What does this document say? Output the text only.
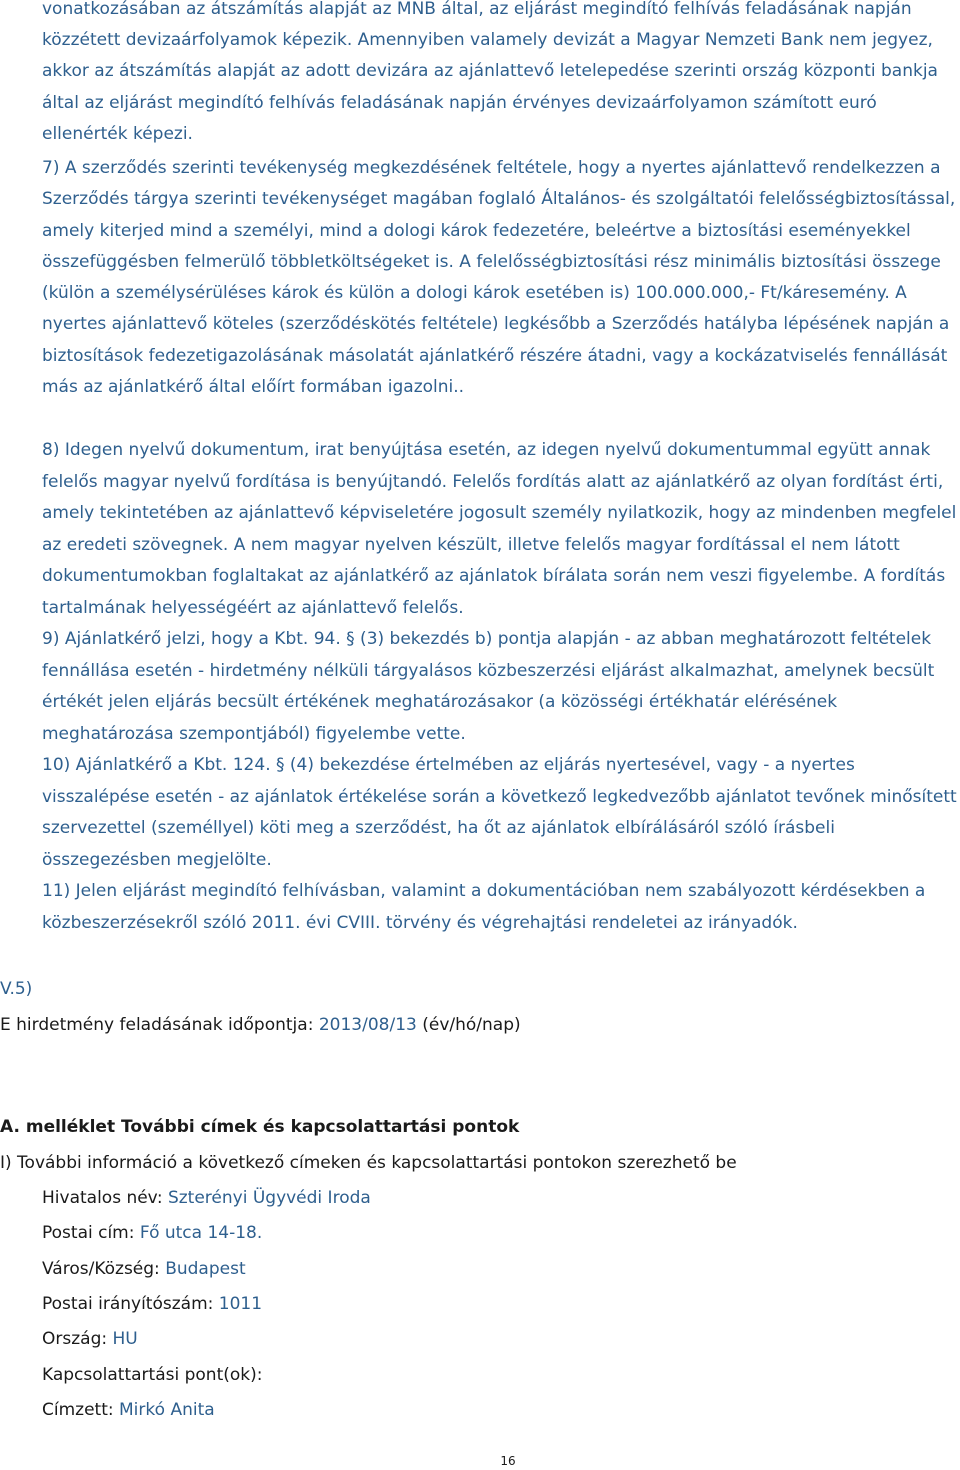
vonatkozásában az átszámítás alapját az MNB által, az eljárást megindító felhívás feladásának napján közzétett devizaárfolyamok képezik. Amennyiben valamely devizát a Magyar Nemzeti Bank nem jegyez, akkor az átszámítás alapját az adott devizára az ajánlattevő letelepedése szerinti ország központi bankja által az eljárást megindító felhívás feladásának napján érvényes devizaárfolyamon számított euró ellenérték képezi.

7) A szerződés szerinti tevékenység megkezdésének feltétele, hogy a nyertes ajánlattevő rendelkezzen a Szerződés tárgya szerinti tevékenységet magában foglaló Általános- és szolgáltatói felelősségbiztosítással, amely kiterjed mind a személyi, mind a dologi károk fedezetére, beleértve a biztosítási eseményekkel összefüggésben felmerülő többletköltségeket is. A felelősségbiztosítási rész minimális biztosítási összege (külön a személysérüléses károk és külön a dologi károk esetében is) 100.000.000,- Ft/káresemény. A nyertes ajánlattevő köteles (szerződéskötés feltétele) legkésőbb a Szerződés hatályba lépésének napján a biztosítások fedezetigazolásának másolatát ajánlatkérő részére átadni, vagy a kockázatviselés fennállását más az ajánlatkérő által előírt formában igazolni..

8) Idegen nyelvű dokumentum, irat benyújtása esetén, az idegen nyelvű dokumentummal együtt annak felelős magyar nyelvű fordítása is benyújtandó. Felelős fordítás alatt az ajánlatkérő az olyan fordítást érti, amely tekintetében az ajánlattevő képviseletére jogosult személy nyilatkozik, hogy az mindenben megfelel az eredeti szövegnek. A nem magyar nyelven készült, illetve felelős magyar fordítással el nem látott dokumentumokban foglaltakat az ajánlatkérő az ajánlatok bírálata során nem veszi figyelembe. A fordítás tartalmának helyességéért az ajánlattevő felelős.

9) Ajánlatkérő jelzi, hogy a Kbt. 94. § (3) bekezdés b) pontja alapján - az abban meghatározott feltételek fennállása esetén - hirdetmény nélküli tárgyalásos közbeszerzési eljárást alkalmazhat, amelynek becsült értékét jelen eljárás becsült értékének meghatározásakor (a közösségi értékhatár elérésének meghatározása szempontjából) figyelembe vette.

10) Ajánlatkérő a Kbt. 124. § (4) bekezdése értelmében az eljárás nyertesével, vagy - a nyertes visszalépése esetén - az ajánlatok értékelése során a következő legkedvezőbb ajánlatot tevőnek minősített szervezettel (személlyel) köti meg a szerződést, ha őt az ajánlatok elbírálásáról szóló írásbeli összegezésben megjelölte.

11) Jelen eljárást megindító felhívásban, valamint a dokumentációban nem szabályozott kérdésekben a közbeszerzésekről szóló 2011. évi CVIII. törvény és végrehajtási rendeletei az irányadók.

V.5)
E hirdetmény feladásának időpontja: 2013/08/13 (év/hó/nap)
A. melléklet További címek és kapcsolattartási pontok
I) További információ a következő címeken és kapcsolattartási pontokon szerezhető be
Hivatalos név: Szterényi Ügyvédi Iroda
Postai cím: Fő utca 14-18.
Város/Község: Budapest
Postai irányítószám: 1011
Ország: HU
Kapcsolattartási pont(ok):
Címzett: Mirkó Anita
16
